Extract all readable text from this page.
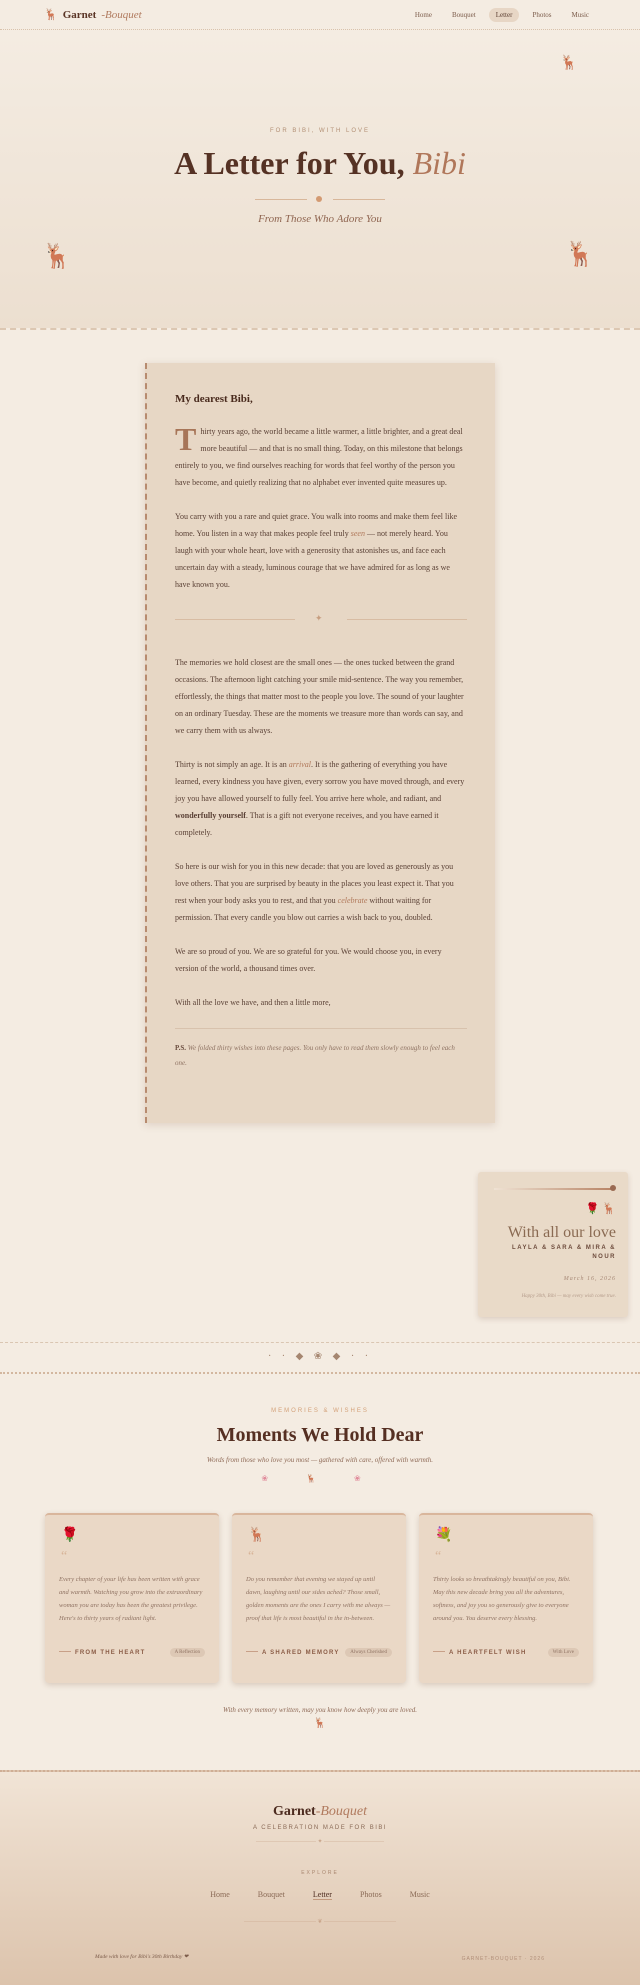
🦌 Garnet -Bouquet	Home	Bouquet	Letter	Photos	Music
🦌
🦌	🦌
FOR BIBI, WITH LOVE
A Letter for You, Bibi
From Those Who Adore You
My dearest Bibi,

Thirty years ago, the world became a little warmer, a little brighter, and a great deal more beautiful — and that is no small thing. Today, on this milestone that belongs entirely to you, we find ourselves reaching for words that feel worthy of the person you have become, and quietly realizing that no alphabet ever invented quite measures up.

You carry with you a rare and quiet grace. You walk into rooms and make them feel like home. You listen in a way that makes people feel truly seen — not merely heard. You laugh with your whole heart, love with a generosity that astonishes us, and face each uncertain day with a steady, luminous courage that we have admired for as long as we have known you.

✦

The memories we hold closest are the small ones — the ones tucked between the grand occasions. The afternoon light catching your smile mid-sentence. The way you remember, effortlessly, the things that matter most to the people you love. The sound of your laughter on an ordinary Tuesday. These are the moments we treasure more than words can say, and we carry them with us always.

Thirty is not simply an age. It is an arrival. It is the gathering of everything you have learned, every kindness you have given, every sorrow you have moved through, and every joy you have allowed yourself to fully feel. You arrive here whole, and radiant, and wonderfully yourself. That is a gift not everyone receives, and you have earned it completely.

So here is our wish for you in this new decade: that you are loved as generously as you love others. That you are surprised by beauty in the places you least expect it. That you rest when your body asks you to rest, and that you celebrate without waiting for permission. That every candle you blow out carries a wish back to you, doubled.

We are so proud of you. We are so grateful for you. We would choose you, in every version of the world, a thousand times over.

With all the love we have, and then a little more,

P.S. We folded thirty wishes into these pages. You only have to read them slowly enough to feel each one.
🌹 🦌
With all our love
LAYLA & SARA & MIRA & NOUR
March 16, 2026
Happy 30th, Bibi — may every wish come true.
· · ◆ ❀ ◆ · ·
MEMORIES & WISHES
Moments We Hold Dear
Words from those who love you most — gathered with care, offered with warmth.
❀ 🦌 ❀
🌹
“
Every chapter of your life has been written with grace and warmth. Watching you grow into the extraordinary woman you are today has been the greatest privilege. Here's to thirty years of radiant light.
FROM THE HEART	A Reflection
🦌
“
Do you remember that evening we stayed up until dawn, laughing until our sides ached? Those small, golden moments are the ones I carry with me always — proof that life is most beautiful in the in-between.
A SHARED MEMORY	Always Cherished
💐
“
Thirty looks so breathtakingly beautiful on you, Bibi. May this new decade bring you all the adventures, softness, and joy you so generously give to everyone around you. You deserve every blessing.
A HEARTFELT WISH	With Love
With every memory written, may you know how deeply you are loved.
🦌
Garnet-Bouquet
A CELEBRATION MADE FOR BIBI
—————————— ✦ ——————————
EXPLORE
Home	Bouquet	Letter	Photos	Music
———————————— ❦ ————————————
Made with love for Bibi's 30th Birthday ❤	GARNET-BOUQUET · 2026
